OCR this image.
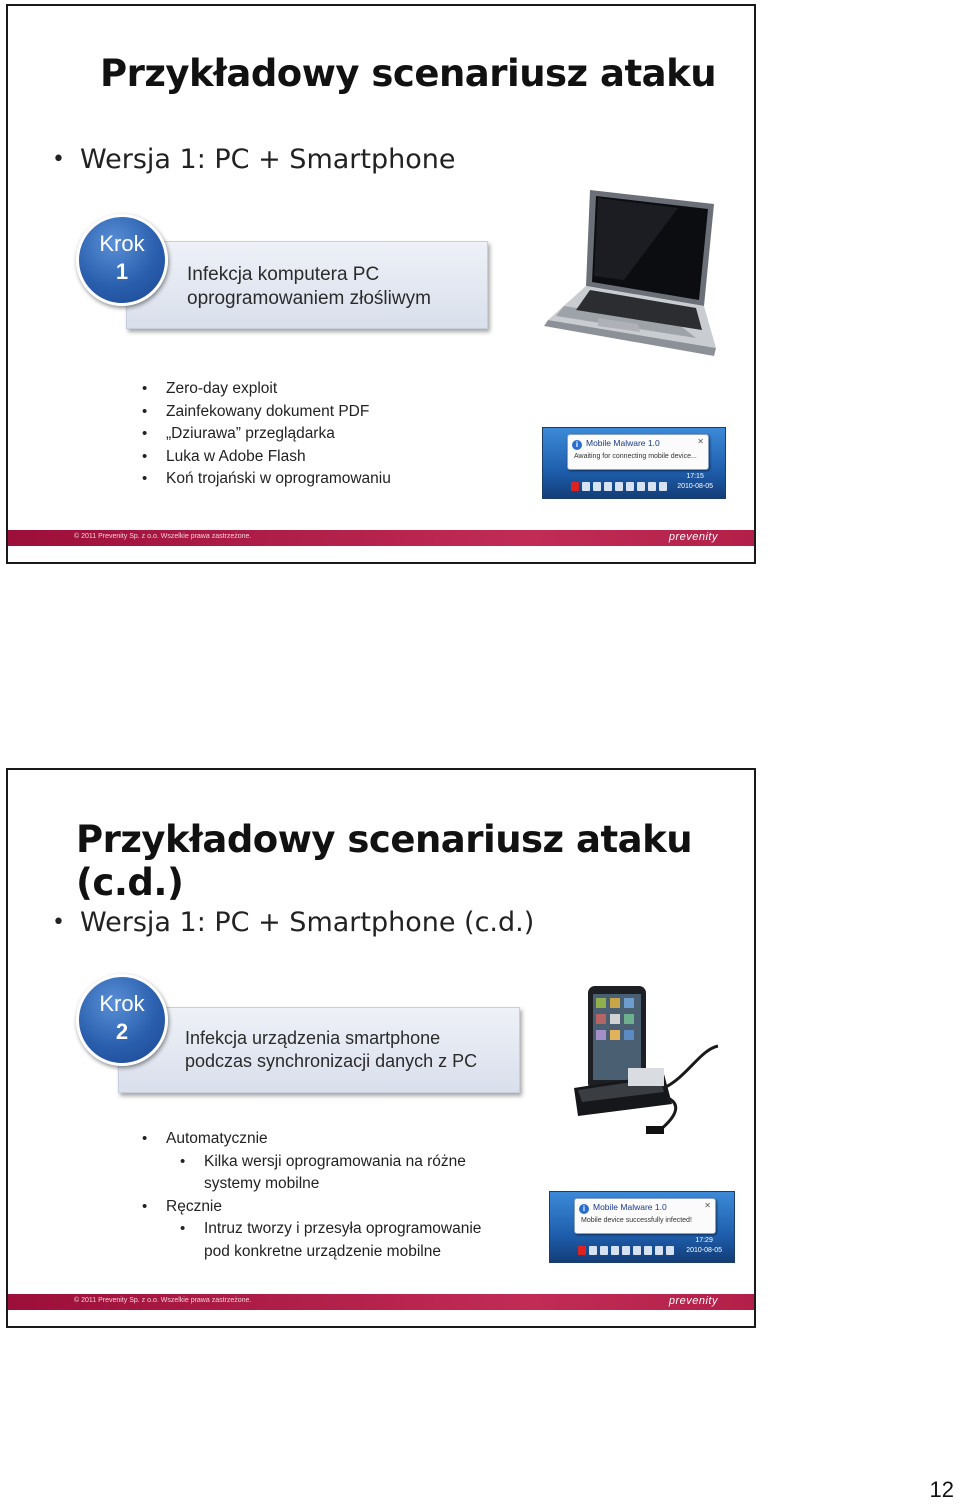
Przykładowy scenariusz ataku
• Wersja 1: PC + Smartphone
Infekcja komputera PC
oprogramowaniem złośliwym
Krok
1
• Zero-day exploit
• Zainfekowany dokument PDF
• „Dziurawa” przeglądarka
• Luka w Adobe Flash
• Koń trojański w oprogramowaniu
i Mobile Malware 1.0	✕
Awaiting for connecting mobile device...
17:15
2010-08-05
© 2011 Prevenity Sp. z o.o. Wszelkie prawa zastrzeżone.	prevenity
Przykładowy scenariusz ataku (c.d.)
• Wersja 1: PC + Smartphone (c.d.)
Infekcja urządzenia smartphone
podczas synchronizacji danych z PC
Krok
2
• Automatycznie
• Kilka wersji oprogramowania na różne
systemy mobilne
• Ręcznie
• Intruz tworzy i przesyła oprogramowanie
pod konkretne urządzenie mobilne
i Mobile Malware 1.0	✕
Mobile device successfully infected!
17:29
2010-08-05
© 2011 Prevenity Sp. z o.o. Wszelkie prawa zastrzeżone.	prevenity
12
